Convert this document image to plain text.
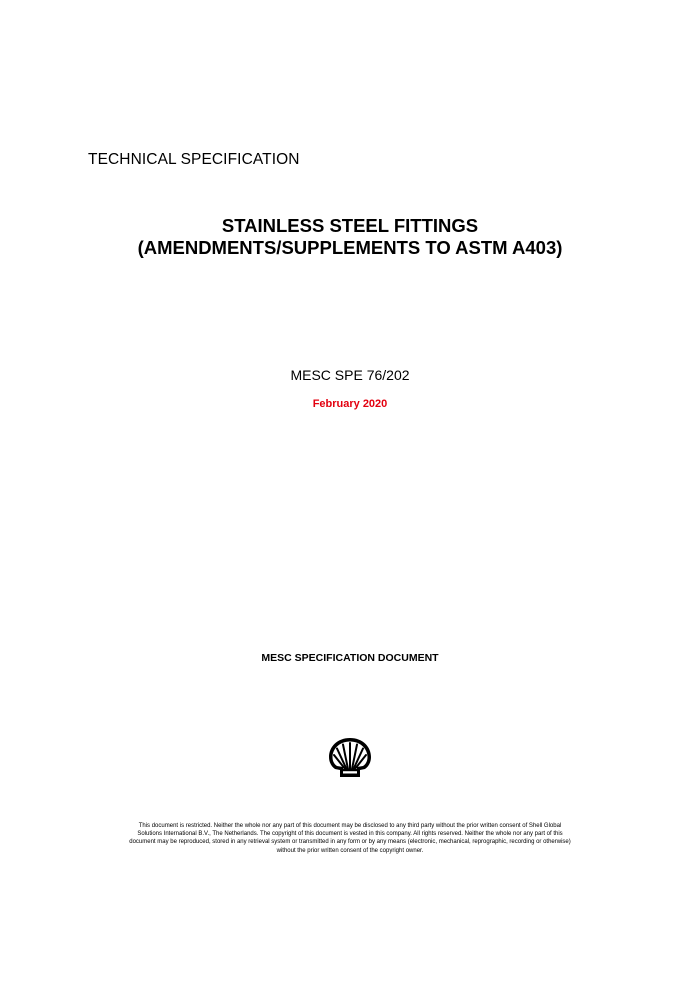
TECHNICAL SPECIFICATION
STAINLESS STEEL FITTINGS
(AMENDMENTS/SUPPLEMENTS TO ASTM A403)
MESC SPE 76/202
February 2020
MESC SPECIFICATION DOCUMENT
This document is restricted. Neither the whole nor any part of this document may be disclosed to any third party without the prior written consent of Shell Global
Solutions International B.V., The Netherlands. The copyright of this document is vested in this company. All rights reserved. Neither the whole nor any part of this
document may be reproduced, stored in any retrieval system or transmitted in any form or by any means (electronic, mechanical, reprographic, recording or otherwise)
without the prior written consent of the copyright owner.
